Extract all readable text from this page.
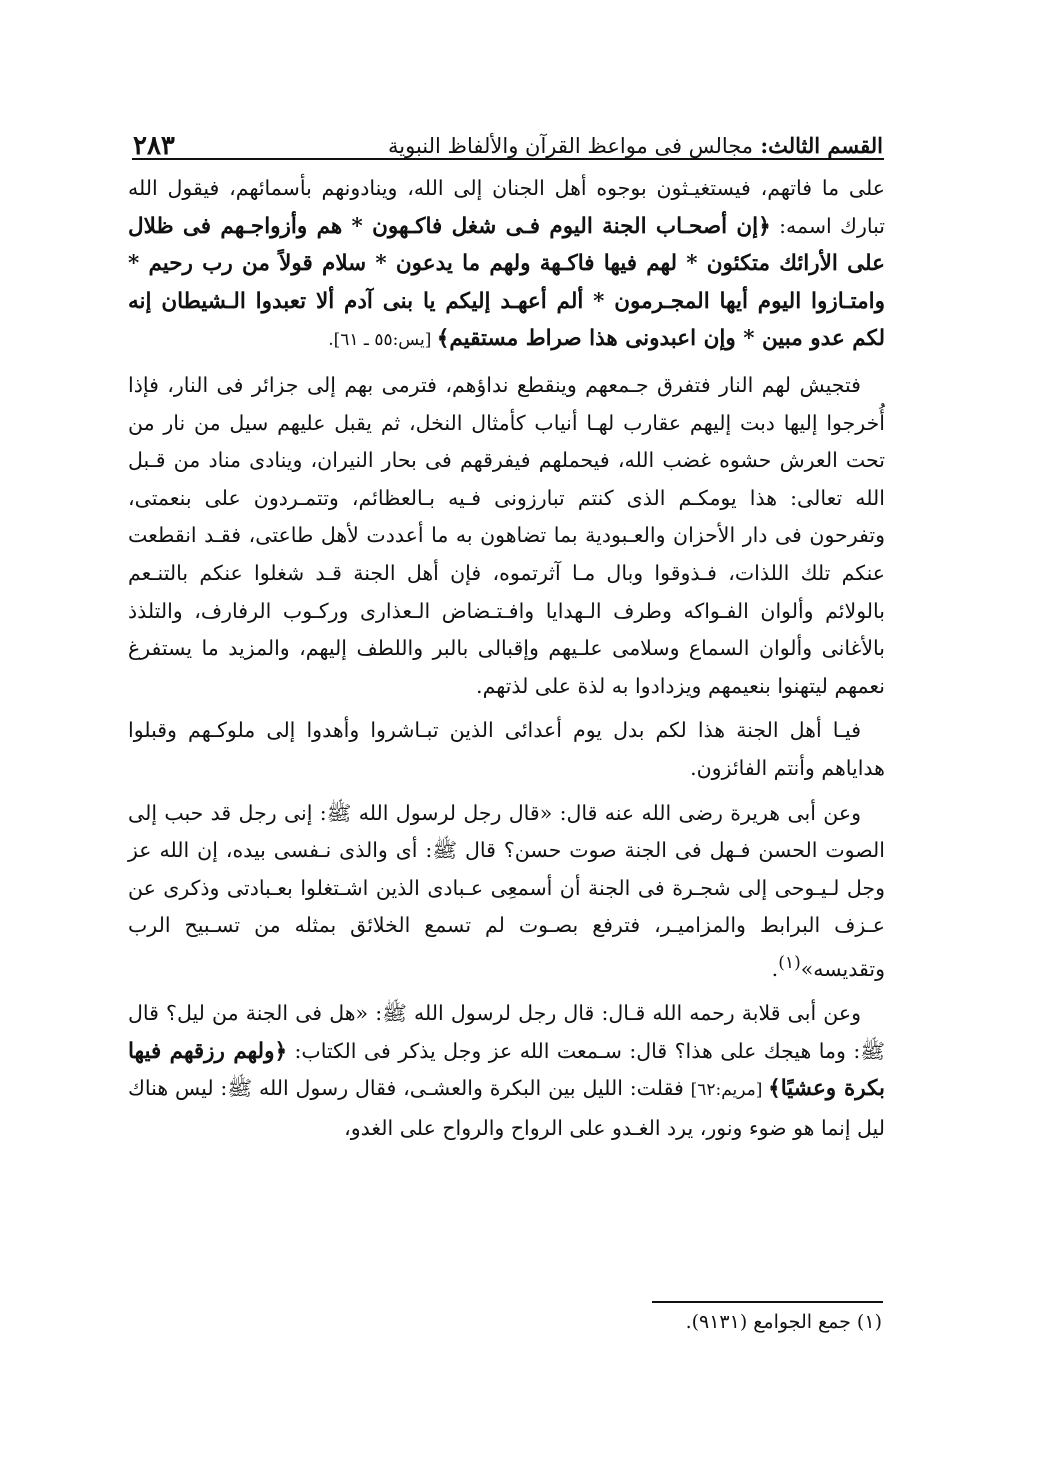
القسم الثالث: مجالس فى مواعظ القرآن والألفاظ النبوية
٢٨٣

على ما فاتهم، فيستغيـثون بوجوه أهل الجنان إلى الله، وينادونهم بأسمائهم، فيقول الله تبارك اسمه: ﴿إن أصحـاب الجنة اليوم فـى شغل فاكـهون * هم وأزواجـهم فى ظلال على الأرائك متكئون * لهم فيها فاكـهة ولهم ما يدعون * سلام قولاً من رب رحيم * وامتـازوا اليوم أيها المجـرمون * ألم أعهـد إليكم يا بنى آدم ألا تعبدوا الـشيطان إنه لكم عدو مبين * وإن اعبدونى هذا صراط مستقيم﴾ [يس:٥٥ ـ ٦١].

فتجيش لهم النار فتفرق جـمعهم وينقطع نداؤهم، فترمى بهم إلى جزائر فى النار، فإذا أُخرجوا إليها دبت إليهم عقارب لهـا أنياب كأمثال النخل، ثم يقبل عليهم سيل من نار من تحت العرش حشوه غضب الله، فيحملهم فيفرقهم فى بحار النيران، وينادى مناد من قـبل الله تعالى: هذا يومكـم الذى كنتم تبارزونى فـيه بـالعظائم، وتتمـردون على بنعمتى، وتفرحون فى دار الأحزان والعـبودية بما تضاهون به ما أعددت لأهل طاعتى، فقـد انقطعت عنكم تلك اللذات، فـذوقوا وبال مـا آثرتموه، فإن أهل الجنة قـد شغلوا عنكم بالتنـعم بالولائم وألوان الفـواكه وطرف الـهدايا وافـتـضاض الـعذارى وركـوب الرفارف، والتلذذ بالأغانى وألوان السماع وسلامى علـيهم وإقبالى بالبر واللطف إليهم، والمزيد ما يستفرغ نعمهم ليتهنوا بنعيمهم ويزدادوا به لذة على لذتهم.

فيـا أهل الجنة هذا لكم بدل يوم أعدائى الذين تبـاشروا وأهدوا إلى ملوكـهم وقبلوا هداياهم وأنتم الفائزون.

وعن أبى هريرة رضى الله عنه قال: «قال رجل لرسول الله ﷺ: إنى رجل قد حبب إلى الصوت الحسن فـهل فى الجنة صوت حسن؟ قال ﷺ: أى والذى نـفسى بيده، إن الله عز وجل لـيـوحى إلى شجـرة فى الجنة أن أسمعِى عـبادى الذين اشـتغلوا بعـبادتى وذكرى عن عـزف البرابط والمزاميـر، فترفع بصـوت لم تسمع الخلائق بمثله من تسـبيح الرب وتقديسه»$^{(١)}$.

وعن أبى قلابة رحمه الله قـال: قال رجل لرسول الله ﷺ: «هل فى الجنة من ليل؟ قال ﷺ: وما هيجك على هذا؟ قال: سـمعت الله عز وجل يذكر فى الكتاب: ﴿ولهم رزقهم فيها بكرة وعشيًا﴾ [مريم:٦٢] فقلت: الليل بين البكرة والعشـى، فقال رسول الله ﷺ: ليس هناك ليل إنما هو ضوء ونور، يرد الغـدو على الرواح والرواح على الغدو،

(١) جمع الجوامع (٩١٣١).
